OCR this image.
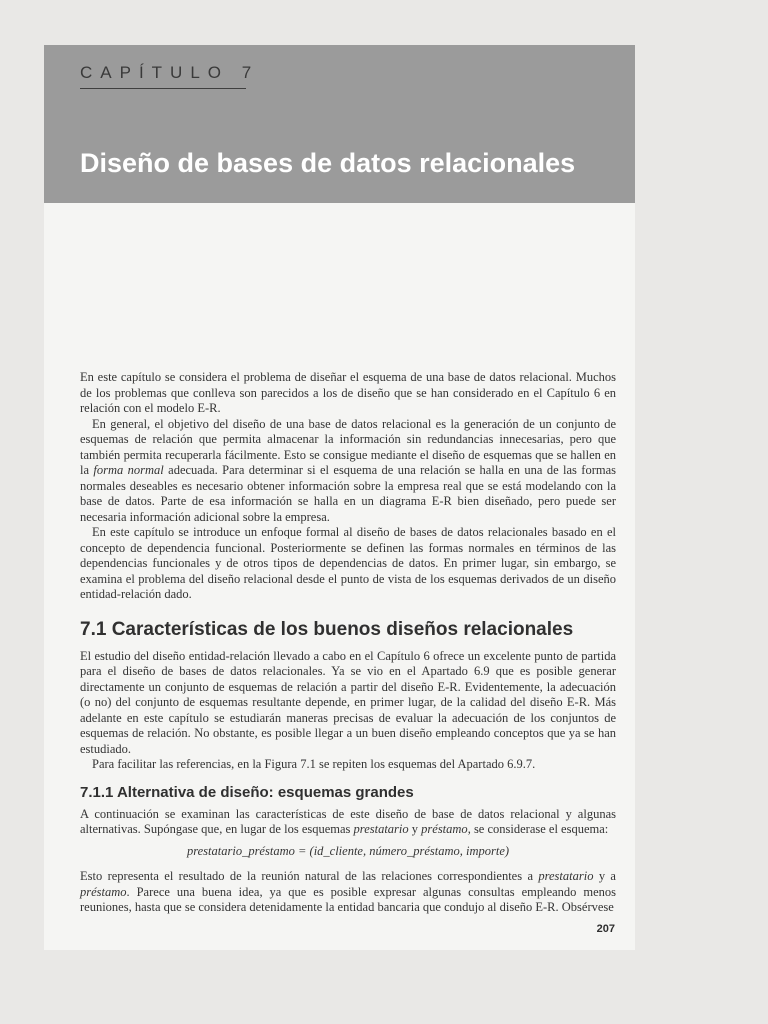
CAPÍTULO 7
Diseño de bases de datos relacionales

En este capítulo se considera el problema de diseñar el esquema de una base de datos relacional. Muchos de los problemas que conlleva son parecidos a los de diseño que se han considerado en el Capítulo 6 en relación con el modelo E-R.

En general, el objetivo del diseño de una base de datos relacional es la generación de un conjunto de esquemas de relación que permita almacenar la información sin redundancias innecesarias, pero que también permita recuperarla fácilmente. Esto se consigue mediante el diseño de esquemas que se hallen en la forma normal adecuada. Para determinar si el esquema de una relación se halla en una de las formas normales deseables es necesario obtener información sobre la empresa real que se está modelando con la base de datos. Parte de esa información se halla en un diagrama E-R bien diseñado, pero puede ser necesaria información adicional sobre la empresa.

En este capítulo se introduce un enfoque formal al diseño de bases de datos relacionales basado en el concepto de dependencia funcional. Posteriormente se definen las formas normales en términos de las dependencias funcionales y de otros tipos de dependencias de datos. En primer lugar, sin embargo, se examina el problema del diseño relacional desde el punto de vista de los esquemas derivados de un diseño entidad-relación dado.

7.1 Características de los buenos diseños relacionales

El estudio del diseño entidad-relación llevado a cabo en el Capítulo 6 ofrece un excelente punto de partida para el diseño de bases de datos relacionales. Ya se vio en el Apartado 6.9 que es posible generar directamente un conjunto de esquemas de relación a partir del diseño E-R. Evidentemente, la adecuación (o no) del conjunto de esquemas resultante depende, en primer lugar, de la calidad del diseño E-R. Más adelante en este capítulo se estudiarán maneras precisas de evaluar la adecuación de los conjuntos de esquemas de relación. No obstante, es posible llegar a un buen diseño empleando conceptos que ya se han estudiado.

Para facilitar las referencias, en la Figura 7.1 se repiten los esquemas del Apartado 6.9.7.

7.1.1 Alternativa de diseño: esquemas grandes

A continuación se examinan las características de este diseño de base de datos relacional y algunas alternativas. Supóngase que, en lugar de los esquemas prestatario y préstamo, se considerase el esquema:

prestatario_préstamo = (id_cliente, número_préstamo, importe)

Esto representa el resultado de la reunión natural de las relaciones correspondientes a prestatario y a préstamo. Parece una buena idea, ya que es posible expresar algunas consultas empleando menos reuniones, hasta que se considera detenidamente la entidad bancaria que condujo al diseño E-R. Obsérvese

207
